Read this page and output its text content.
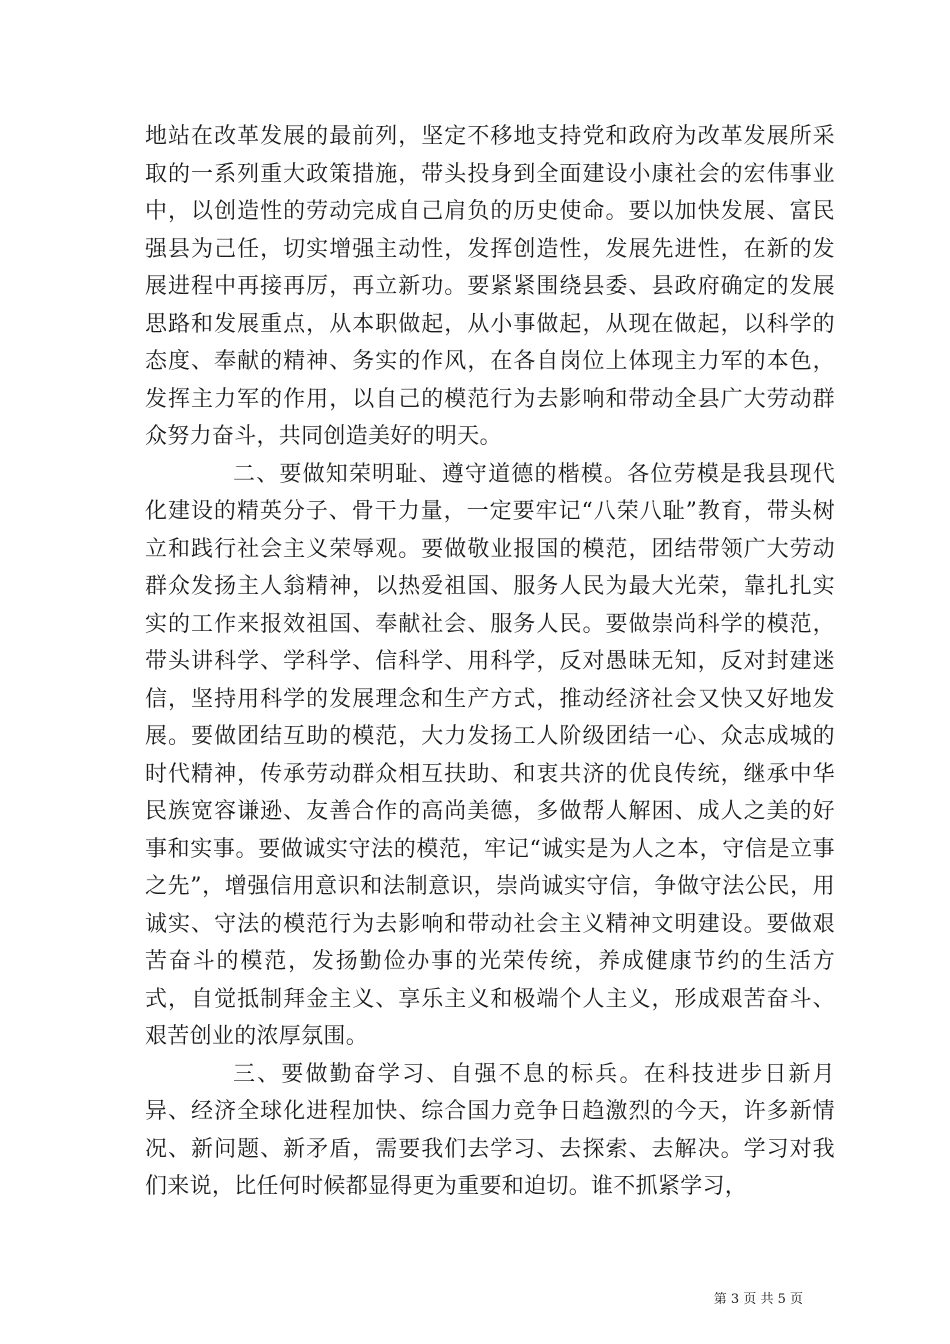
地站在改革发展的最前列，坚定不移地支持党和政府为改革发展所采取的一系列重大政策措施，带头投身到全面建设小康社会的宏伟事业中，以创造性的劳动完成自己肩负的历史使命。要以加快发展、富民强县为己任，切实增强主动性，发挥创造性，发展先进性，在新的发展进程中再接再厉，再立新功。要紧紧围绕县委、县政府确定的发展思路和发展重点，从本职做起，从小事做起，从现在做起，以科学的态度、奉献的精神、务实的作风，在各自岗位上体现主力军的本色，发挥主力军的作用，以自己的模范行为去影响和带动全县广大劳动群众努力奋斗，共同创造美好的明天。

二、要做知荣明耻、遵守道德的楷模。各位劳模是我县现代化建设的精英分子、骨干力量，一定要牢记“八荣八耻”教育，带头树立和践行社会主义荣辱观。要做敬业报国的模范，团结带领广大劳动群众发扬主人翁精神，以热爱祖国、服务人民为最大光荣，靠扎扎实实的工作来报效祖国、奉献社会、服务人民。要做崇尚科学的模范，带头讲科学、学科学、信科学、用科学，反对愚昧无知，反对封建迷信，坚持用科学的发展理念和生产方式，推动经济社会又快又好地发展。要做团结互助的模范，大力发扬工人阶级团结一心、众志成城的时代精神，传承劳动群众相互扶助、和衷共济的优良传统，继承中华民族宽容谦逊、友善合作的高尚美德，多做帮人解困、成人之美的好事和实事。要做诚实守法的模范，牢记“诚实是为人之本，守信是立事之先”，增强信用意识和法制意识，崇尚诚实守信，争做守法公民，用诚实、守法的模范行为去影响和带动社会主义精神文明建设。要做艰苦奋斗的模范，发扬勤俭办事的光荣传统，养成健康节约的生活方式，自觉抵制拜金主义、享乐主义和极端个人主义，形成艰苦奋斗、艰苦创业的浓厚氛围。

三、要做勤奋学习、自强不息的标兵。在科技进步日新月异、经济全球化进程加快、综合国力竞争日趋激烈的今天，许多新情况、新问题、新矛盾，需要我们去学习、去探索、去解决。学习对我们来说，比任何时候都显得更为重要和迫切。谁不抓紧学习，

第 3 页 共 5 页
